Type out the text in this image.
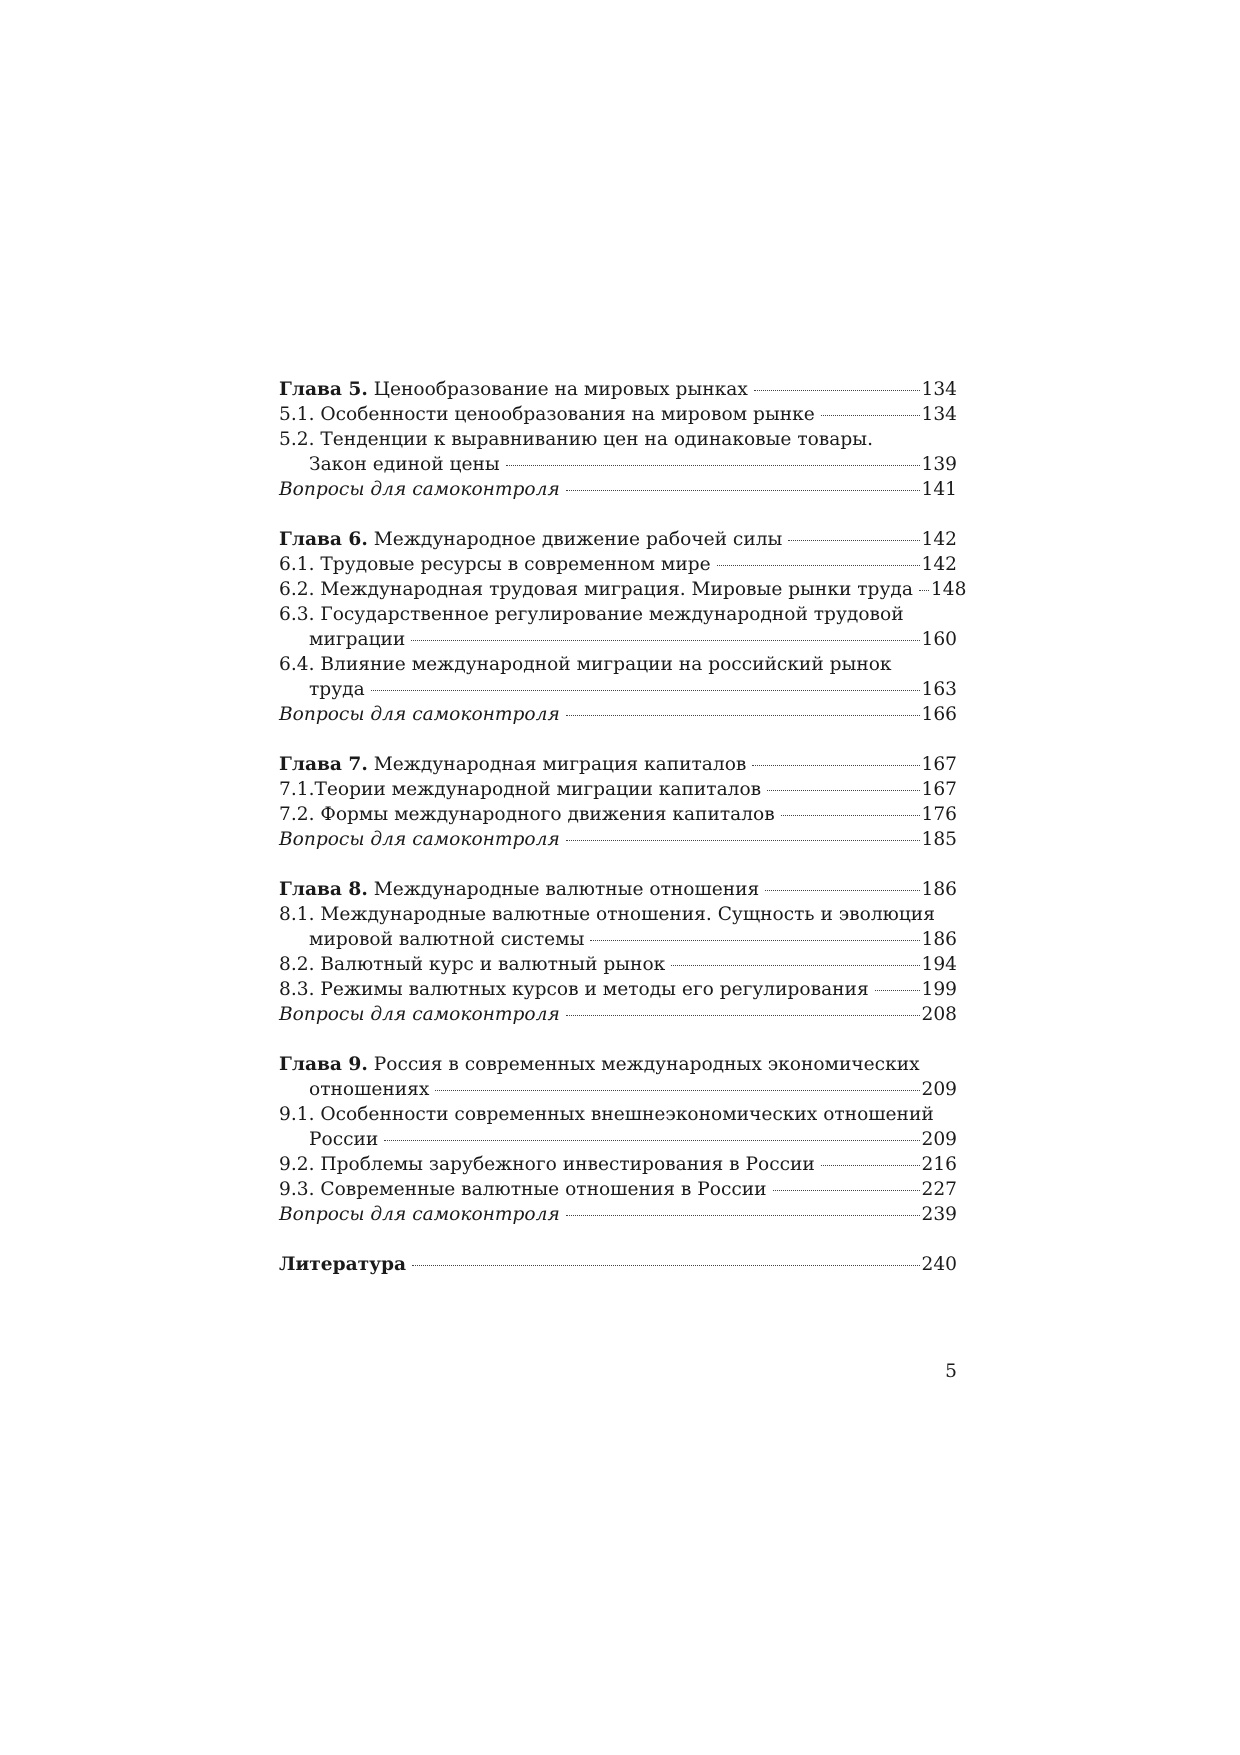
Глава 5. Ценообразование на мировых рынках	134
5.1. Особенности ценообразования на мировом рынке	134
5.2. Тенденции к выравниванию цен на одинаковые товары.
Закон единой цены	139
Вопросы для самоконтроля	141
Глава 6. Международное движение рабочей силы	142
6.1. Трудовые ресурсы в современном мире	142
6.2. Международная трудовая миграция. Мировые рынки труда 148
6.3. Государственное регулирование международной трудовой
миграции	160
6.4. Влияние международной миграции на российский рынок
труда	163
Вопросы для самоконтроля	166
Глава 7. Международная миграция капиталов	167
7.1.Теории международной миграции капиталов	167
7.2. Формы международного движения капиталов	176
Вопросы для самоконтроля	185
Глава 8. Международные валютные отношения	186
8.1. Международные валютные отношения. Сущность и эволюция
мировой валютной системы	186
8.2. Валютный курс и валютный рынок	194
8.3. Режимы валютных курсов и методы его регулирования	199
Вопросы для самоконтроля	208
Глава 9. Россия в современных международных экономических
отношениях	209
9.1. Особенности современных внешнеэкономических отношений
России	209
9.2. Проблемы зарубежного инвестирования в России	216
9.3. Современные валютные отношения в России	227
Вопросы для самоконтроля	239
Литература	240
5
